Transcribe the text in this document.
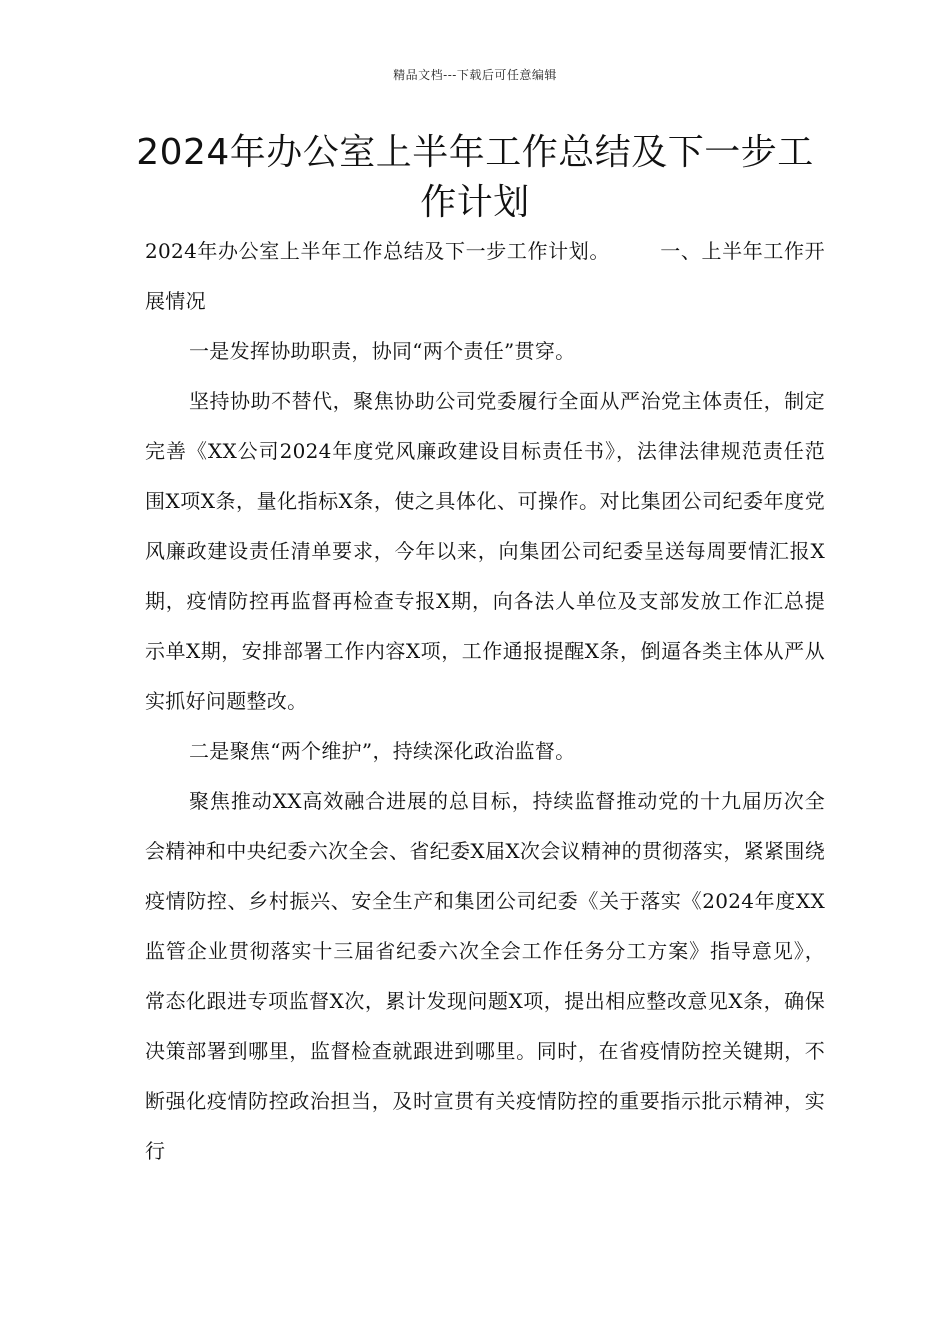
精品文档---下载后可任意编辑
2024年办公室上半年工作总结及下一步工作计划

2024年办公室上半年工作总结及下一步工作计划。	一、上半年工作开展情况

一是发挥协助职责，协同“两个责任”贯穿。

坚持协助不替代，聚焦协助公司党委履行全面从严治党主体责任，制定完善《XX公司2024年度党风廉政建设目标责任书》，法律法律规范责任范围X项X条，量化指标X条，使之具体化、可操作。对比集团公司纪委年度党风廉政建设责任清单要求，今年以来，向集团公司纪委呈送每周要情汇报X期，疫情防控再监督再检查专报X期，向各法人单位及支部发放工作汇总提示单X期，安排部署工作内容X项，工作通报提醒X条，倒逼各类主体从严从实抓好问题整改。

二是聚焦“两个维护”，持续深化政治监督。

聚焦推动XX高效融合进展的总目标，持续监督推动党的十九届历次全会精神和中央纪委六次全会、省纪委X届X次会议精神的贯彻落实，紧紧围绕疫情防控、乡村振兴、安全生产和集团公司纪委《关于落实《2024年度XX监管企业贯彻落实十三届省纪委六次全会工作任务分工方案》指导意见》，常态化跟进专项监督X次，累计发现问题X项，提出相应整改意见X条，确保决策部署到哪里，监督检查就跟进到哪里。同时，在省疫情防控关键期，不断强化疫情防控政治担当，及时宣贯有关疫情防控的重要指示批示精神，实行
